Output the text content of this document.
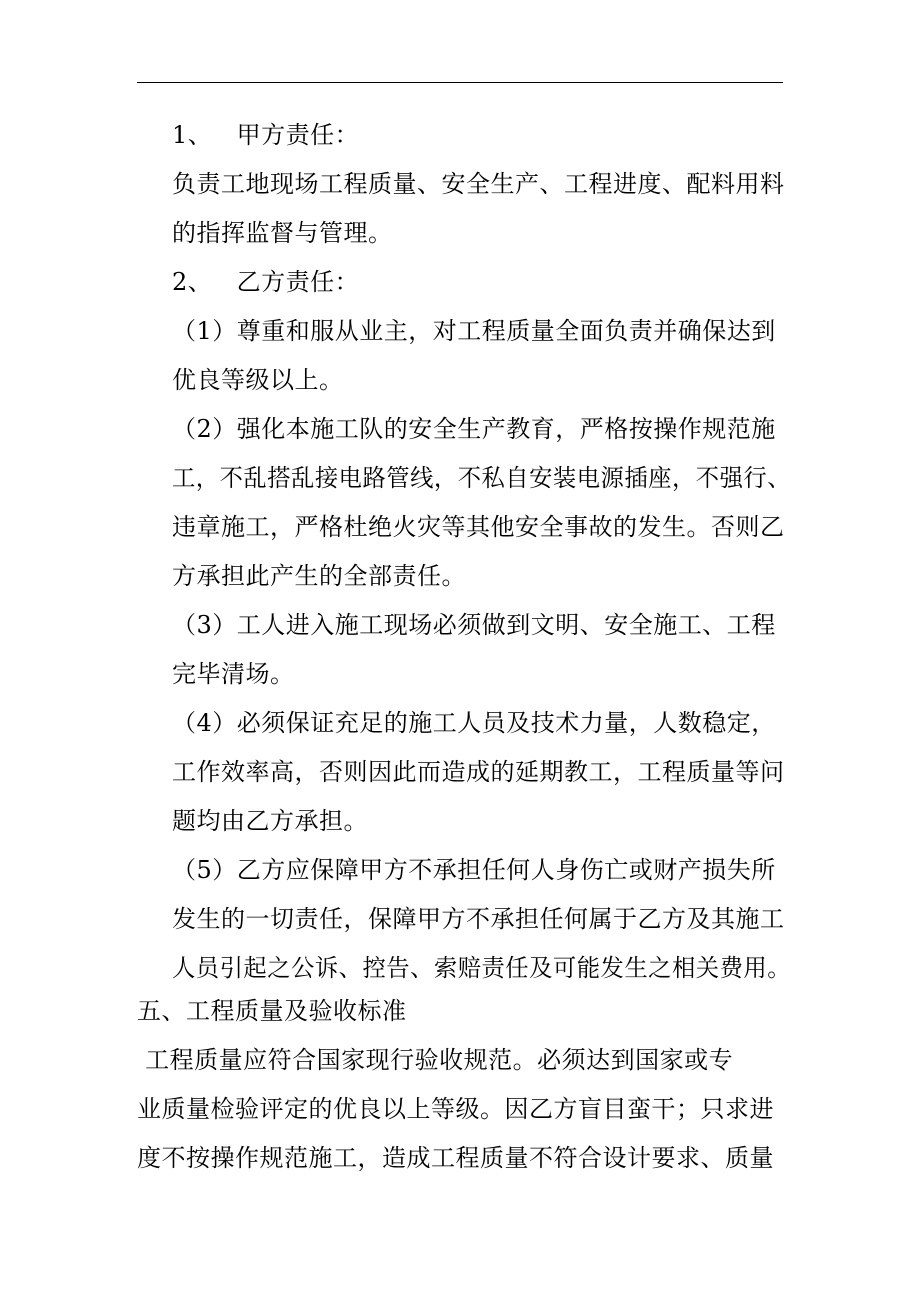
1、   甲方责任：
负责工地现场工程质量、安全生产、工程进度、配料用料
的指挥监督与管理。
2、   乙方责任：
（1）尊重和服从业主，对工程质量全面负责并确保达到
优良等级以上。
（2）强化本施工队的安全生产教育，严格按操作规范施
工，不乱搭乱接电路管线，不私自安装电源插座，不强行、
违章施工，严格杜绝火灾等其他安全事故的发生。否则乙
方承担此产生的全部责任。
（3）工人进入施工现场必须做到文明、安全施工、工程
完毕清场。
（4）必须保证充足的施工人员及技术力量，人数稳定，
工作效率高，否则因此而造成的延期教工，工程质量等问
题均由乙方承担。
（5）乙方应保障甲方不承担任何人身伤亡或财产损失所
发生的一切责任，保障甲方不承担任何属于乙方及其施工
人员引起之公诉、控告、索赔责任及可能发生之相关费用。
五、工程质量及验收标准
工程质量应符合国家现行验收规范。必须达到国家或专
业质量检验评定的优良以上等级。因乙方盲目蛮干；只求进
度不按操作规范施工，造成工程质量不符合设计要求、质量
